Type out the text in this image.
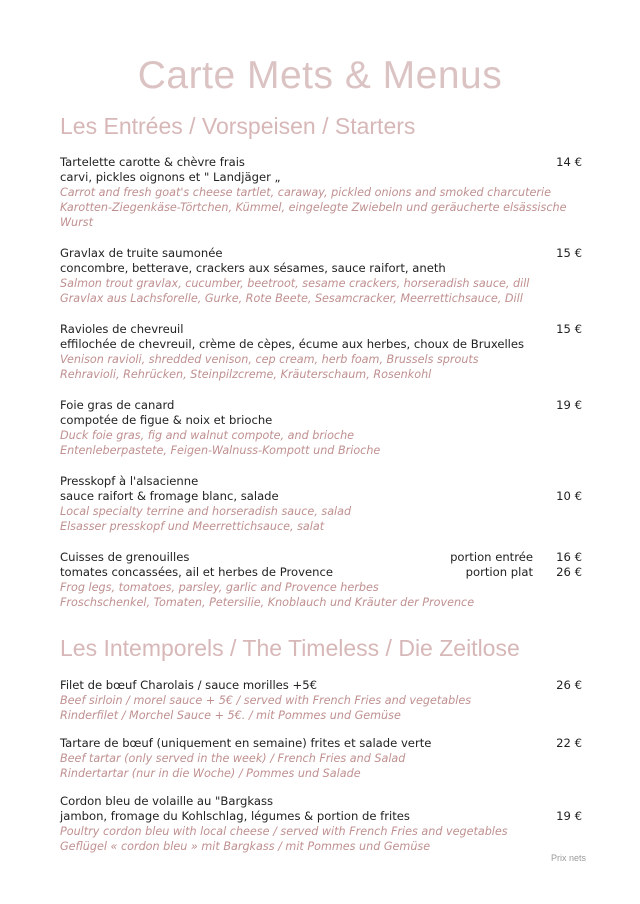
Carte Mets & Menus
Les Entrées / Vorspeisen / Starters
Tartelette carotte & chèvre frais	14 €
carvi, pickles oignons et " Landjäger „
Carrot and fresh goat's cheese tartlet, caraway, pickled onions and smoked charcuterie
Karotten-Ziegenkäse-Törtchen, Kümmel, eingelegte Zwiebeln und geräucherte elsässische
Wurst
Gravlax de truite saumonée	15 €
concombre, betterave, crackers aux sésames, sauce raifort, aneth
Salmon trout gravlax, cucumber, beetroot, sesame crackers, horseradish sauce, dill
Gravlax aus Lachsforelle, Gurke, Rote Beete, Sesamcracker, Meerrettichsauce, Dill
Ravioles de chevreuil	15 €
effilochée de chevreuil, crème de cèpes, écume aux herbes, choux de Bruxelles
Venison ravioli, shredded venison, cep cream, herb foam, Brussels sprouts
Rehravioli, Rehrücken, Steinpilzcreme, Kräuterschaum, Rosenkohl
Foie gras de canard	19 €
compotée de figue & noix et brioche
Duck foie gras, fig and walnut compote, and brioche
Entenleberpastete, Feigen-Walnuss-Kompott und Brioche
Presskopf à l'alsacienne
sauce raifort & fromage blanc, salade	10 €
Local specialty terrine and horseradish sauce, salad
Elsasser presskopf und Meerrettichsauce, salat
Cuisses de grenouilles	portion entrée 16 €
tomates concassées, ail et herbes de Provence	portion plat 26 €
Frog legs, tomatoes, parsley, garlic and Provence herbes
Froschschenkel, Tomaten, Petersilie, Knoblauch und Kräuter der Provence
Les Intemporels / The Timeless / Die Zeitlose
Filet de bœuf Charolais / sauce morilles +5€	26 €
Beef sirloin / morel sauce + 5€ / served with French Fries and vegetables
Rinderfilet / Morchel Sauce + 5€. / mit Pommes und Gemüse
Tartare de bœuf (uniquement en semaine) frites et salade verte	22 €
Beef tartar (only served in the week) / French Fries and Salad
Rindertartar (nur in die Woche) / Pommes und Salade
Cordon bleu de volaille au "Bargkass
jambon, fromage du Kohlschlag, légumes & portion de frites	19 €
Poultry cordon bleu with local cheese / served with French Fries and vegetables
Geflügel « cordon bleu » mit Bargkass / mit Pommes und Gemüse
Prix nets
